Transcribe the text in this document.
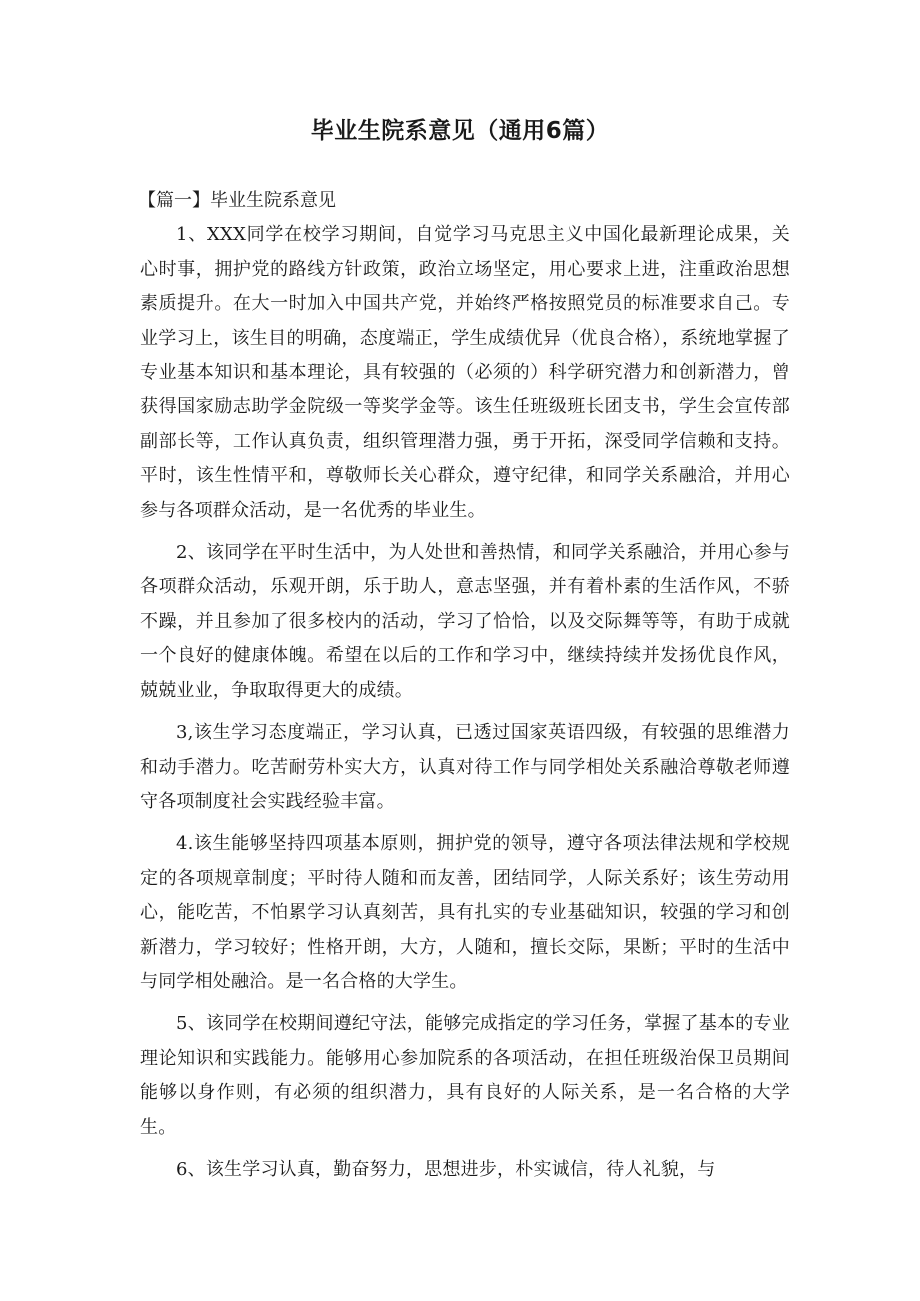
毕业生院系意见（通用6篇）

【篇一】毕业生院系意见

1、XXX同学在校学习期间，自觉学习马克思主义中国化最新理论成果，关心时事，拥护党的路线方针政策，政治立场坚定，用心要求上进，注重政治思想素质提升。在大一时加入中国共产党，并始终严格按照党员的标准要求自己。专业学习上，该生目的明确，态度端正，学生成绩优异（优良合格），系统地掌握了专业基本知识和基本理论，具有较强的（必须的）科学研究潜力和创新潜力，曾获得国家励志助学金院级一等奖学金等。该生任班级班长团支书，学生会宣传部副部长等，工作认真负责，组织管理潜力强，勇于开拓，深受同学信赖和支持。平时，该生性情平和，尊敬师长关心群众，遵守纪律，和同学关系融洽，并用心参与各项群众活动，是一名优秀的毕业生。

2、该同学在平时生活中，为人处世和善热情，和同学关系融洽，并用心参与各项群众活动，乐观开朗，乐于助人，意志坚强，并有着朴素的生活作风，不骄不躁，并且参加了很多校内的活动，学习了恰恰，以及交际舞等等，有助于成就一个良好的健康体魄。希望在以后的工作和学习中，继续持续并发扬优良作风，兢兢业业，争取取得更大的成绩。

3,该生学习态度端正，学习认真，已透过国家英语四级，有较强的思维潜力和动手潜力。吃苦耐劳朴实大方，认真对待工作与同学相处关系融洽尊敬老师遵守各项制度社会实践经验丰富。

4.该生能够坚持四项基本原则，拥护党的领导，遵守各项法律法规和学校规定的各项规章制度；平时待人随和而友善，团结同学，人际关系好；该生劳动用心，能吃苦，不怕累学习认真刻苦，具有扎实的专业基础知识，较强的学习和创新潜力，学习较好；性格开朗，大方，人随和，擅长交际，果断；平时的生活中与同学相处融洽。是一名合格的大学生。

5、该同学在校期间遵纪守法，能够完成指定的学习任务，掌握了基本的专业理论知识和实践能力。能够用心参加院系的各项活动，在担任班级治保卫员期间能够以身作则，有必须的组织潜力，具有良好的人际关系，是一名合格的大学生。

6、该生学习认真，勤奋努力，思想进步，朴实诚信，待人礼貌，与
